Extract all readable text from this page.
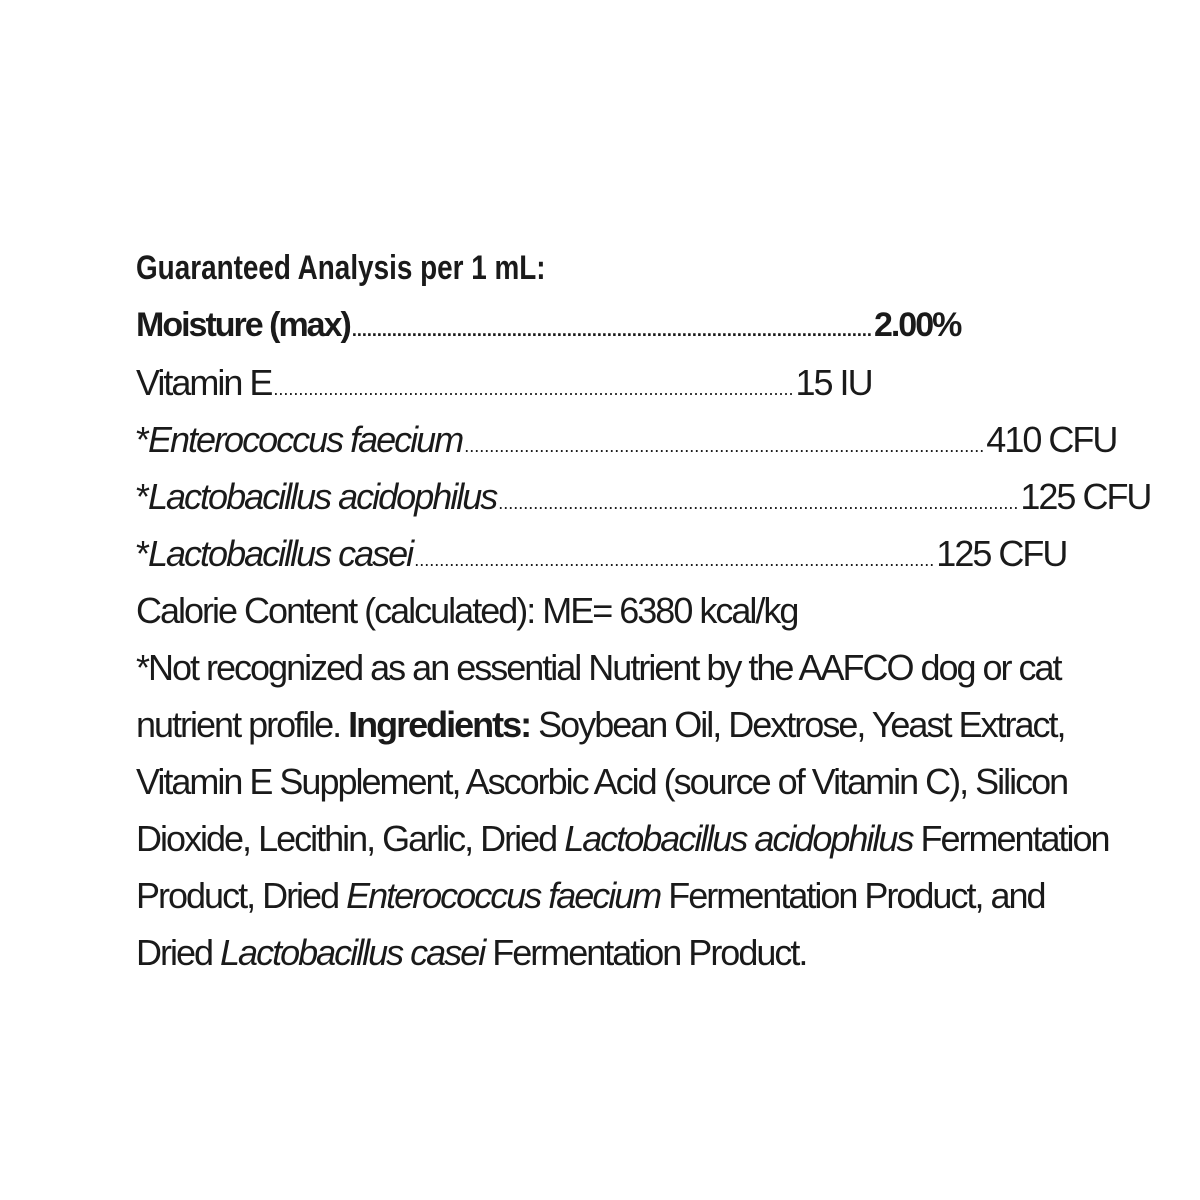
Guaranteed Analysis per 1 mL:
Moisture (max) ........................................................................................................ 2.00%
Vitamin E ........................................................................................................ 15 IU
*Enterococcus faecium ........................................................................................................ 410 CFU
*Lactobacillus acidophilus ........................................................................................................ 125 CFU
*Lactobacillus casei ........................................................................................................ 125 CFU
Calorie Content (calculated): ME= 6380 kcal/kg
*Not recognized as an essential Nutrient by the AAFCO dog or cat
nutrient profile. Ingredients: Soybean Oil, Dextrose, Yeast Extract,
Vitamin E Supplement, Ascorbic Acid (source of Vitamin C), Silicon
Dioxide, Lecithin, Garlic, Dried Lactobacillus acidophilus Fermentation
Product, Dried Enterococcus faecium Fermentation Product, and
Dried Lactobacillus casei Fermentation Product.
